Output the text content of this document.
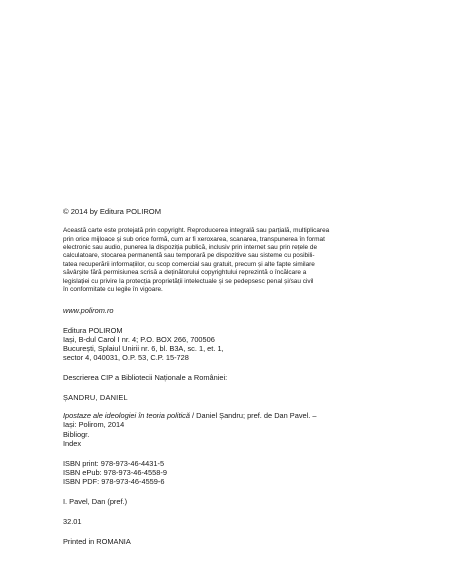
© 2014 by Editura POLIROM
Această carte este protejată prin copyright. Reproducerea integrală sau parțială, multiplicarea
prin orice mijloace și sub orice formă, cum ar fi xeroxarea, scanarea, transpunerea în format
electronic sau audio, punerea la dispoziția publică, inclusiv prin internet sau prin rețele de
calculatoare, stocarea permanentă sau temporară pe dispozitive sau sisteme cu posibili-
tatea recuperării informațiilor, cu scop comercial sau gratuit, precum și alte fapte similare
săvârșite fără permisiunea scrisă a deținătorului copyrightului reprezintă o încălcare a
legislației cu privire la protecția proprietății intelectuale și se pedepsesc penal și/sau civil
în conformitate cu legile în vigoare.
www.polirom.ro
Editura POLIROM
Iași, B-dul Carol I nr. 4; P.O. BOX 266, 700506
București, Splaiul Unirii nr. 6, bl. B3A, sc. 1, et. 1,
sector 4, 040031, O.P. 53, C.P. 15-728
Descrierea CIP a Bibliotecii Naționale a României:
ȘANDRU, DANIEL
Ipostaze ale ideologiei în teoria politică / Daniel Șandru; pref. de Dan Pavel. –
Iași: Polirom, 2014
Bibliogr.
Index
ISBN print: 978-973-46-4431-5
ISBN ePub: 978-973-46-4558-9
ISBN PDF: 978-973-46-4559-6
I. Pavel, Dan (pref.)
32.01
Printed in ROMANIA
